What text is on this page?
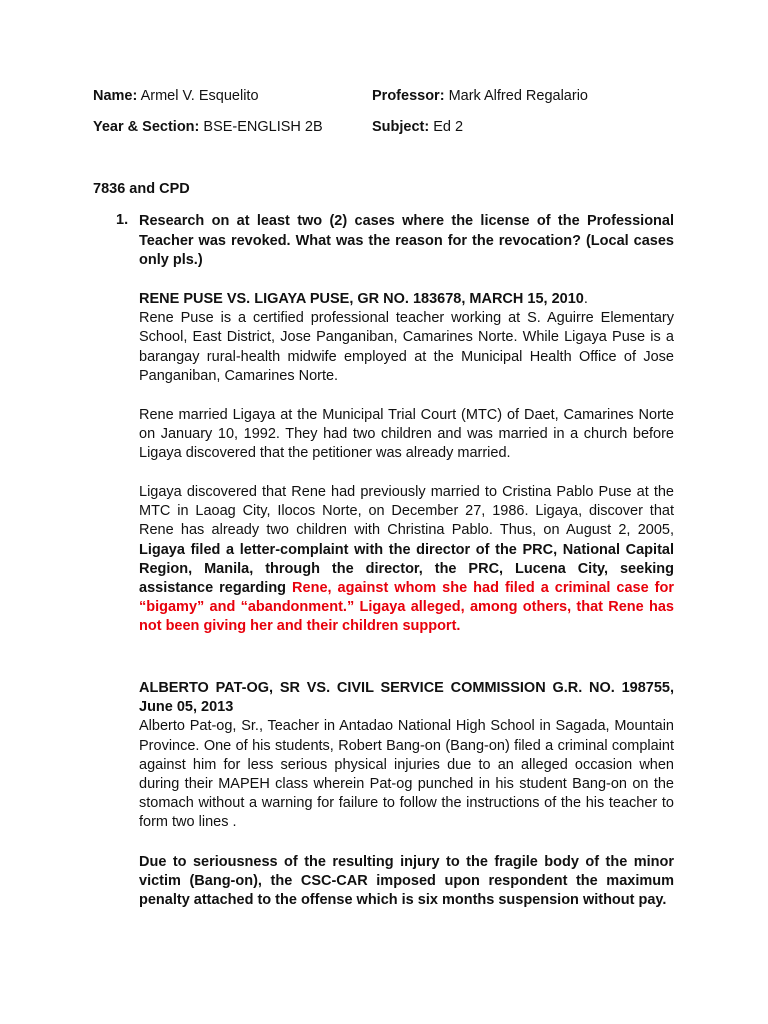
Name: Armel V. Esquelito	Professor: Mark Alfred Regalario
Year & Section: BSE-ENGLISH 2B	Subject: Ed 2
7836 and CPD
1. Research on at least two (2) cases where the license of the Professional Teacher was revoked. What was the reason for the revocation? (Local cases only pls.)
RENE PUSE VS. LIGAYA PUSE, GR NO. 183678, MARCH 15, 2010.
Rene Puse is a certified professional teacher working at S. Aguirre Elementary School, East District, Jose Panganiban, Camarines Norte. While Ligaya Puse is a barangay rural-health midwife employed at the Municipal Health Office of Jose Panganiban, Camarines Norte.
Rene married Ligaya at the Municipal Trial Court (MTC) of Daet, Camarines Norte on January 10, 1992. They had two children and was married in a church before Ligaya discovered that the petitioner was already married.
Ligaya discovered that Rene had previously married to Cristina Pablo Puse at the MTC in Laoag City, Ilocos Norte, on December 27, 1986. Ligaya, discover that Rene has already two children with Christina Pablo. Thus, on August 2, 2005, Ligaya filed a letter-complaint with the director of the PRC, National Capital Region, Manila, through the director, the PRC, Lucena City, seeking assistance regarding Rene, against whom she had filed a criminal case for “bigamy” and “abandonment.” Ligaya alleged, among others, that Rene has not been giving her and their children support.
ALBERTO PAT-OG, SR VS. CIVIL SERVICE COMMISSION G.R. NO. 198755, June 05, 2013
Alberto Pat-og, Sr., Teacher in Antadao National High School in Sagada, Mountain Province. One of his students, Robert Bang-on (Bang-on) filed a criminal complaint against him for less serious physical injuries due to an alleged occasion when during their MAPEH class wherein Pat-og punched in his student Bang-on on the stomach without a warning for failure to follow the instructions of the his teacher to form two lines .
Due to seriousness of the resulting injury to the fragile body of the minor victim (Bang-on), the CSC-CAR imposed upon respondent the maximum penalty attached to the offense which is six months suspension without pay.
